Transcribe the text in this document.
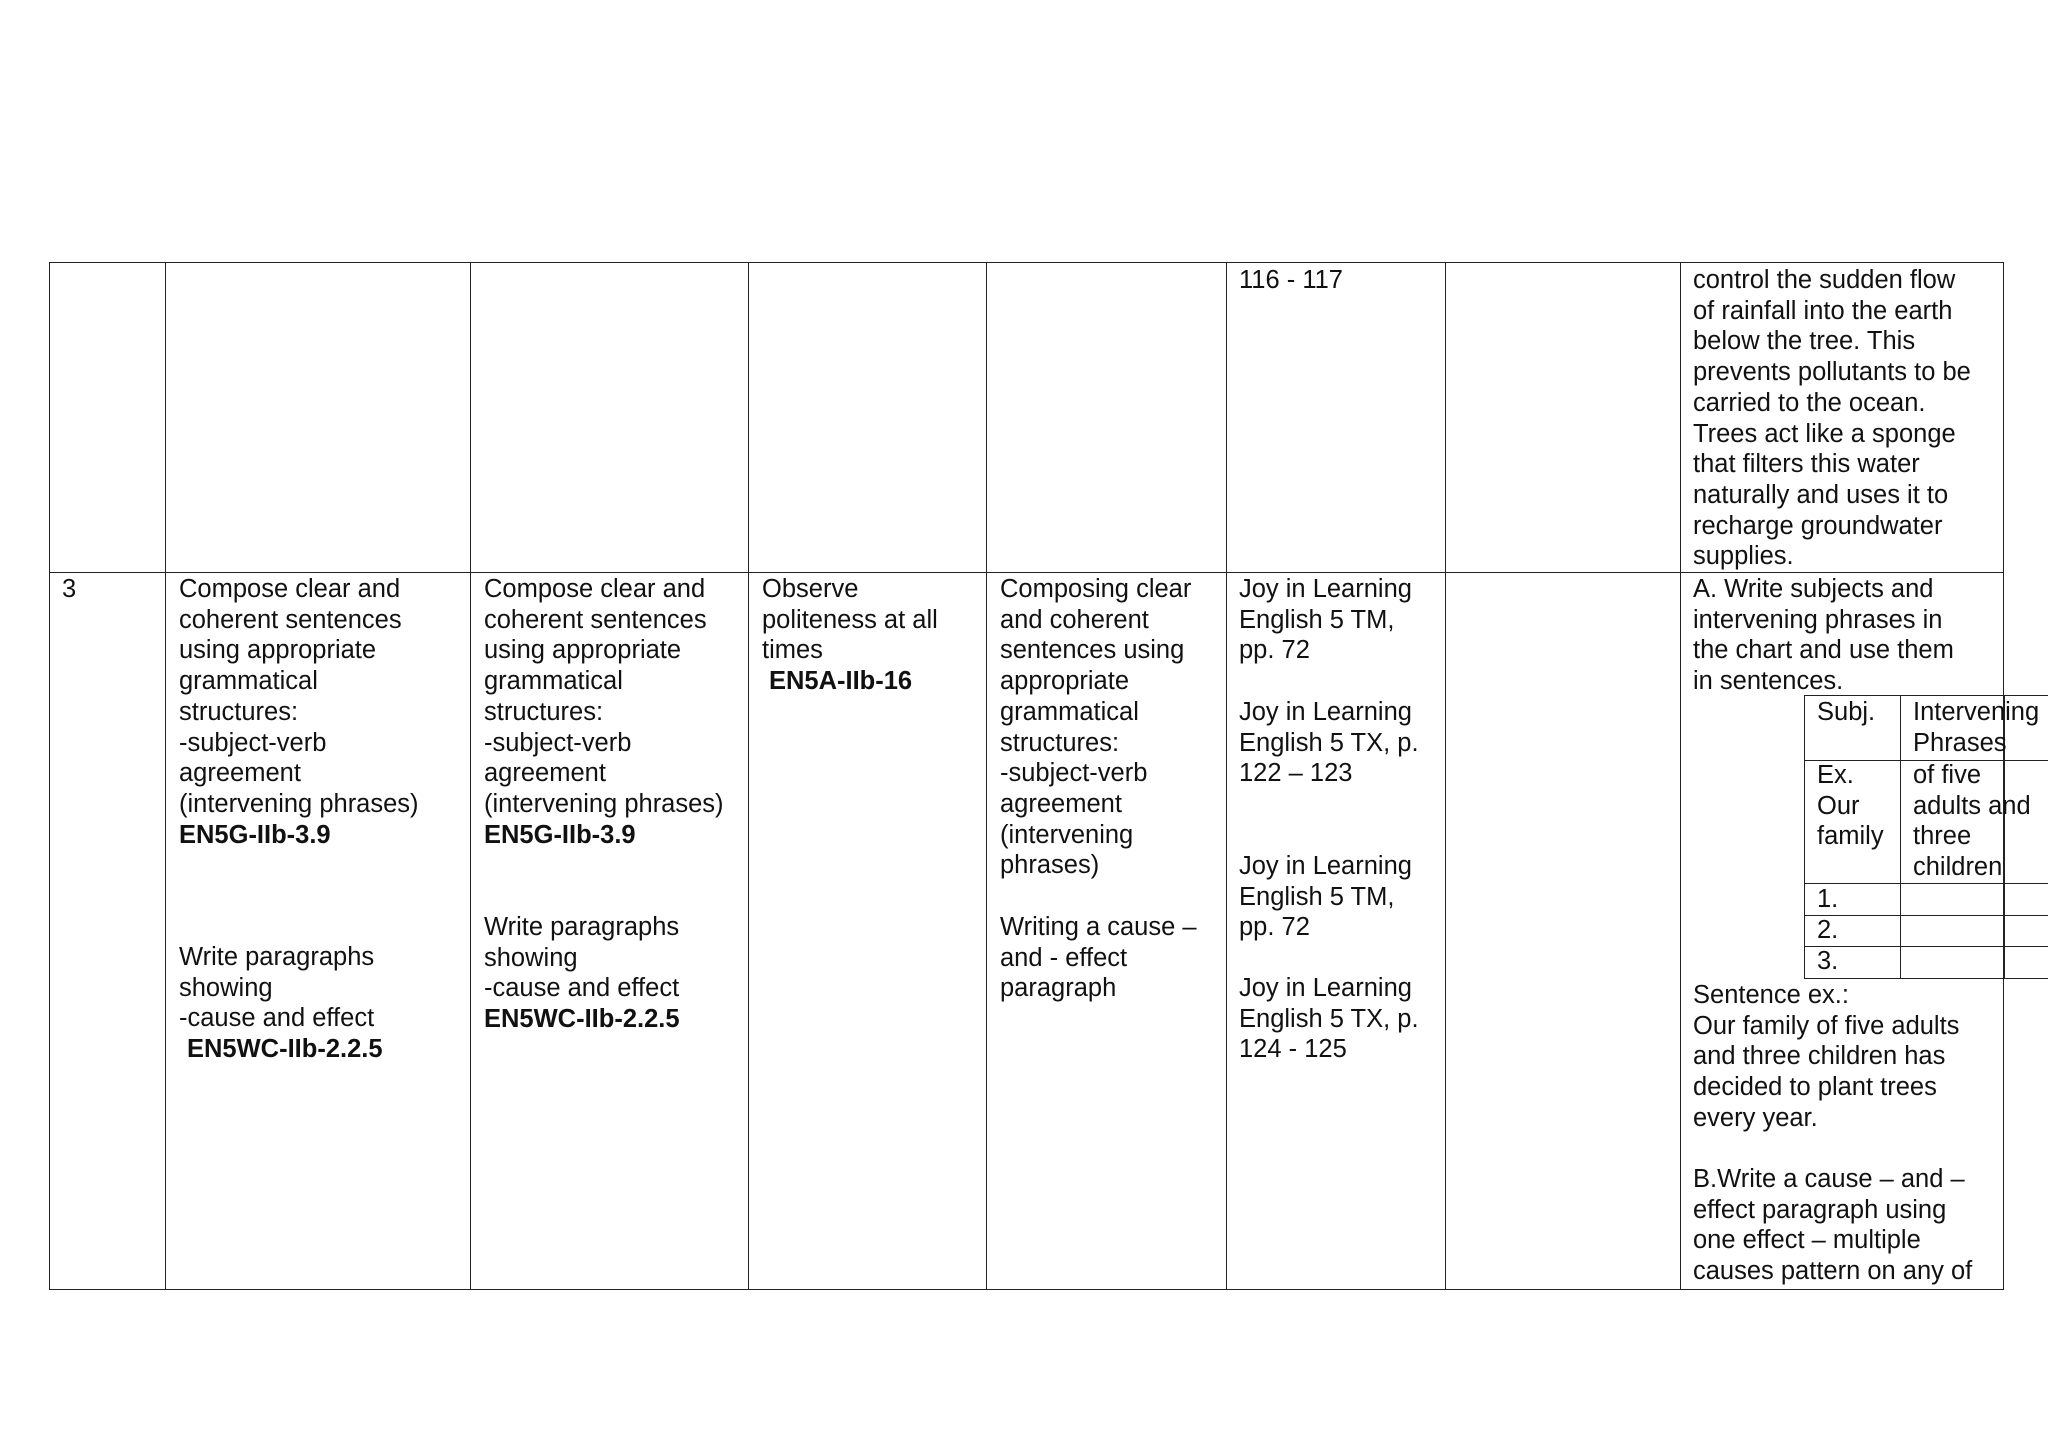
116 - 117	control the sudden flow
of rainfall into the earth
below the tree. This
prevents pollutants to be
carried to the ocean.
Trees act like a sponge
that filters this water
naturally and uses it to
recharge groundwater
supplies.
3	Compose clear and
coherent sentences
using appropriate
grammatical
structures:
-subject-verb
agreement
(intervening phrases)
EN5G-IIb-3.9
Write paragraphs
showing
-cause and effect
EN5WC-IIb-2.2.5
Compose clear and
coherent sentences
using appropriate
grammatical
structures:
-subject-verb
agreement
(intervening phrases)
EN5G-IIb-3.9
Write paragraphs
showing
-cause and effect
EN5WC-IIb-2.2.5
Observe
politeness at all
times
EN5A-IIb-16
Composing clear
and coherent
sentences using
appropriate
grammatical
structures:
-subject-verb
agreement
(intervening
phrases)
Writing a cause –
and - effect
paragraph
Joy in Learning
English 5 TM,
pp. 72
Joy in Learning
English 5 TX, p.
122 – 123
Joy in Learning
English 5 TM,
pp. 72
Joy in Learning
English 5 TX, p.
124 - 125
A. Write subjects and
intervening phrases in
the chart and use them
in sentences.
Subj. Intervening
Phrases
Ex.
Our
family
of five
adults and
three
children
1.
2.
3.
Sentence ex.:
Our family of five adults
and three children has
decided to plant trees
every year.
B.Write a cause – and –
effect paragraph using
one effect – multiple
causes pattern on any of
